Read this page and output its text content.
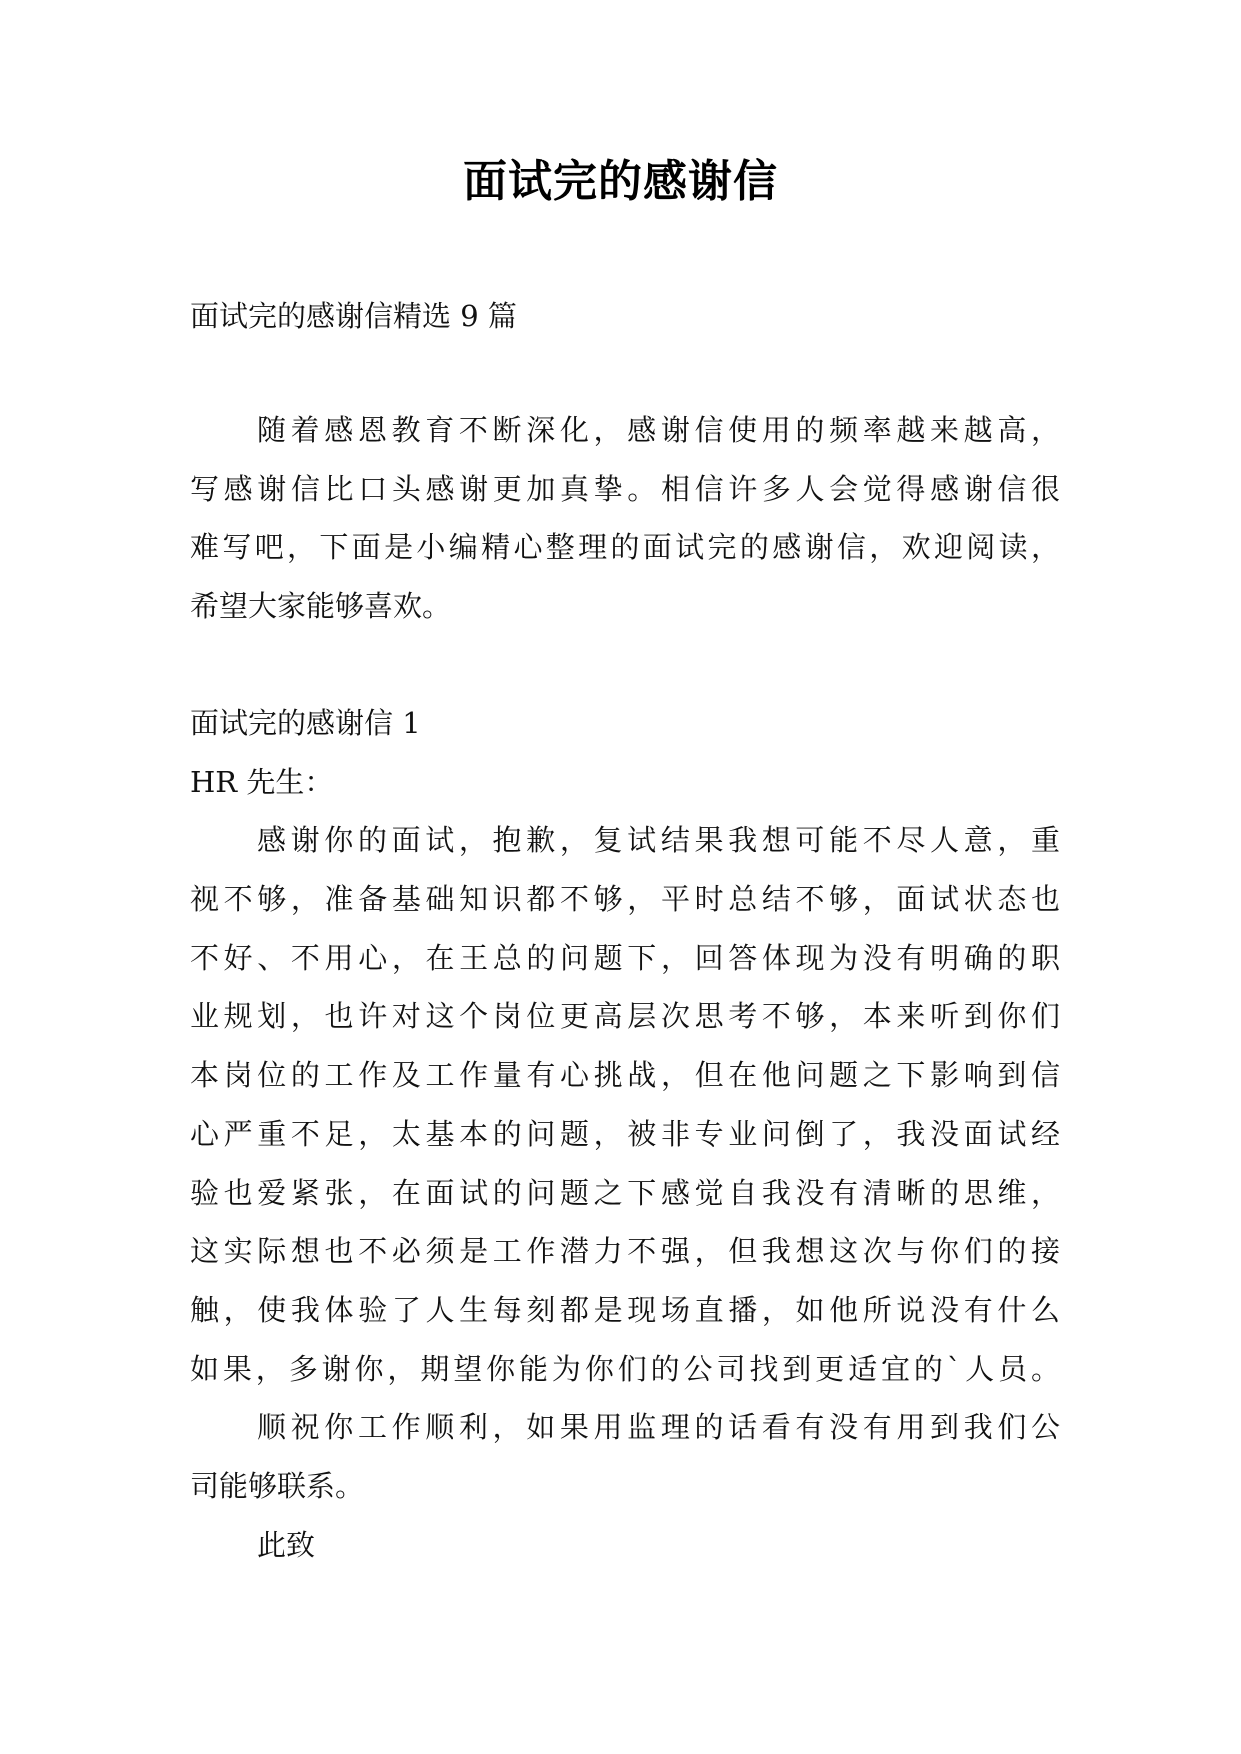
面试完的感谢信
面试完的感谢信精选 9 篇
随着感恩教育不断深化，感谢信使用的频率越来越高，
写感谢信比口头感谢更加真挚。相信许多人会觉得感谢信很
难写吧，下面是小编精心整理的面试完的感谢信，欢迎阅读，
希望大家能够喜欢。
面试完的感谢信 1
HR 先生：
感谢你的面试，抱歉，复试结果我想可能不尽人意，重
视不够，准备基础知识都不够，平时总结不够，面试状态也
不好、不用心，在王总的问题下，回答体现为没有明确的职
业规划，也许对这个岗位更高层次思考不够，本来听到你们
本岗位的工作及工作量有心挑战，但在他问题之下影响到信
心严重不足，太基本的问题，被非专业问倒了，我没面试经
验也爱紧张，在面试的问题之下感觉自我没有清晰的思维，
这实际想也不必须是工作潜力不强，但我想这次与你们的接
触，使我体验了人生每刻都是现场直播，如他所说没有什么
如果，多谢你，期望你能为你们的公司找到更适宜的`人员。
顺祝你工作顺利，如果用监理的话看有没有用到我们公
司能够联系。
此致
